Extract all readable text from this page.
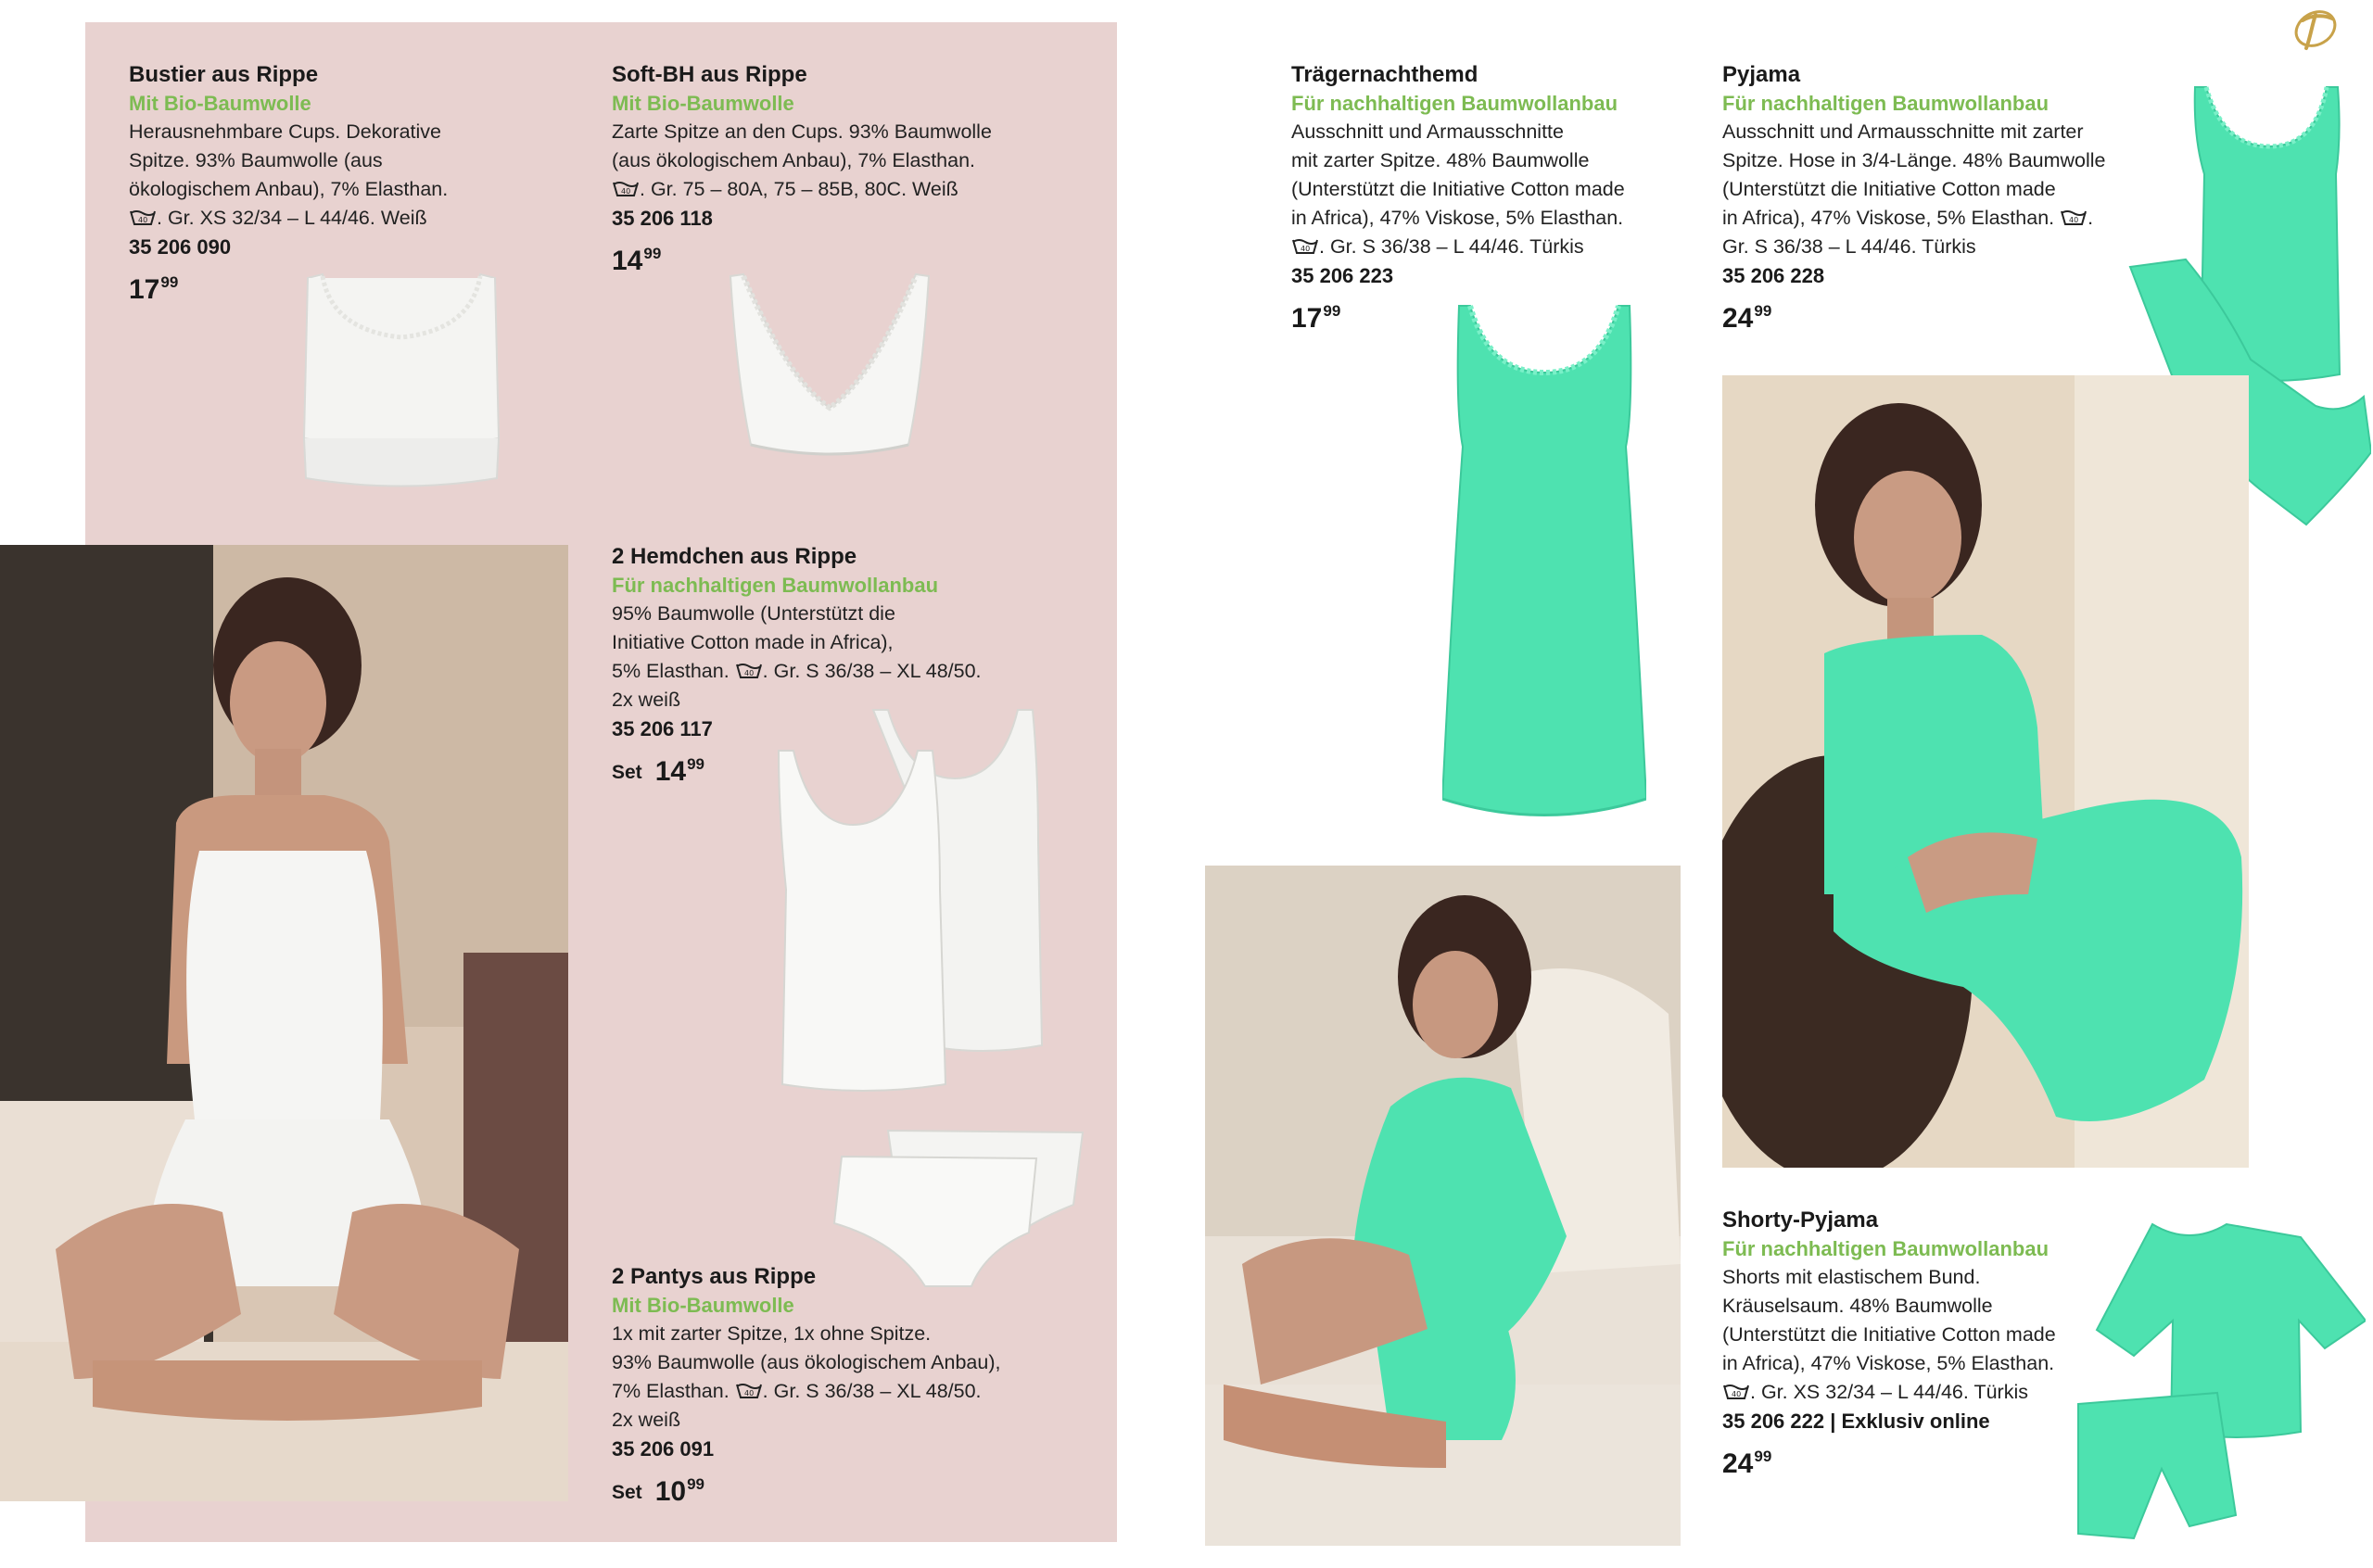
Bustier aus Rippe
Mit Bio-Baumwolle
Herausnehmbare Cups. Dekorative
Spitze. 93% Baumwolle (aus
ökologischem Anbau), 7% Elasthan.
40 . Gr. XS 32/34 – L 44/46. Weiß
35 206 090
$17^{99}$
Soft-BH aus Rippe
Mit Bio-Baumwolle
Zarte Spitze an den Cups. 93% Baumwolle
(aus ökologischem Anbau), 7% Elasthan.
40 . Gr. 75 – 80A, 75 – 85B, 80C. Weiß
35 206 118
$14^{99}$
2 Hemdchen aus Rippe
Für nachhaltigen Baumwollanbau
95% Baumwolle (Unterstützt die
Initiative Cotton made in Africa),
5% Elasthan. 40 . Gr. S 36/38 – XL 48/50.
2x weiß
35 206 117
Set $14^{99}$
2 Pantys aus Rippe
Mit Bio-Baumwolle
1x mit zarter Spitze, 1x ohne Spitze.
93% Baumwolle (aus ökologischem Anbau),
7% Elasthan. 40 . Gr. S 36/38 – XL 48/50.
2x weiß
35 206 091
Set $10^{99}$
Trägernachthemd
Für nachhaltigen Baumwollanbau
Ausschnitt und Armausschnitte
mit zarter Spitze. 48% Baumwolle
(Unterstützt die Initiative Cotton made
in Africa), 47% Viskose, 5% Elasthan.
40 . Gr. S 36/38 – L 44/46. Türkis
35 206 223
$17^{99}$
Pyjama
Für nachhaltigen Baumwollanbau
Ausschnitt und Armausschnitte mit zarter
Spitze. Hose in 3/4-Länge. 48% Baumwolle
(Unterstützt die Initiative Cotton made
in Africa), 47% Viskose, 5% Elasthan. 40 .
Gr. S 36/38 – L 44/46. Türkis
35 206 228
$24^{99}$
Shorty-Pyjama
Für nachhaltigen Baumwollanbau
Shorts mit elastischem Bund.
Kräuselsaum. 48% Baumwolle
(Unterstützt die Initiative Cotton made
in Africa), 47% Viskose, 5% Elasthan.
40 . Gr. XS 32/34 – L 44/46. Türkis
35 206 222 | Exklusiv online
$24^{99}$
